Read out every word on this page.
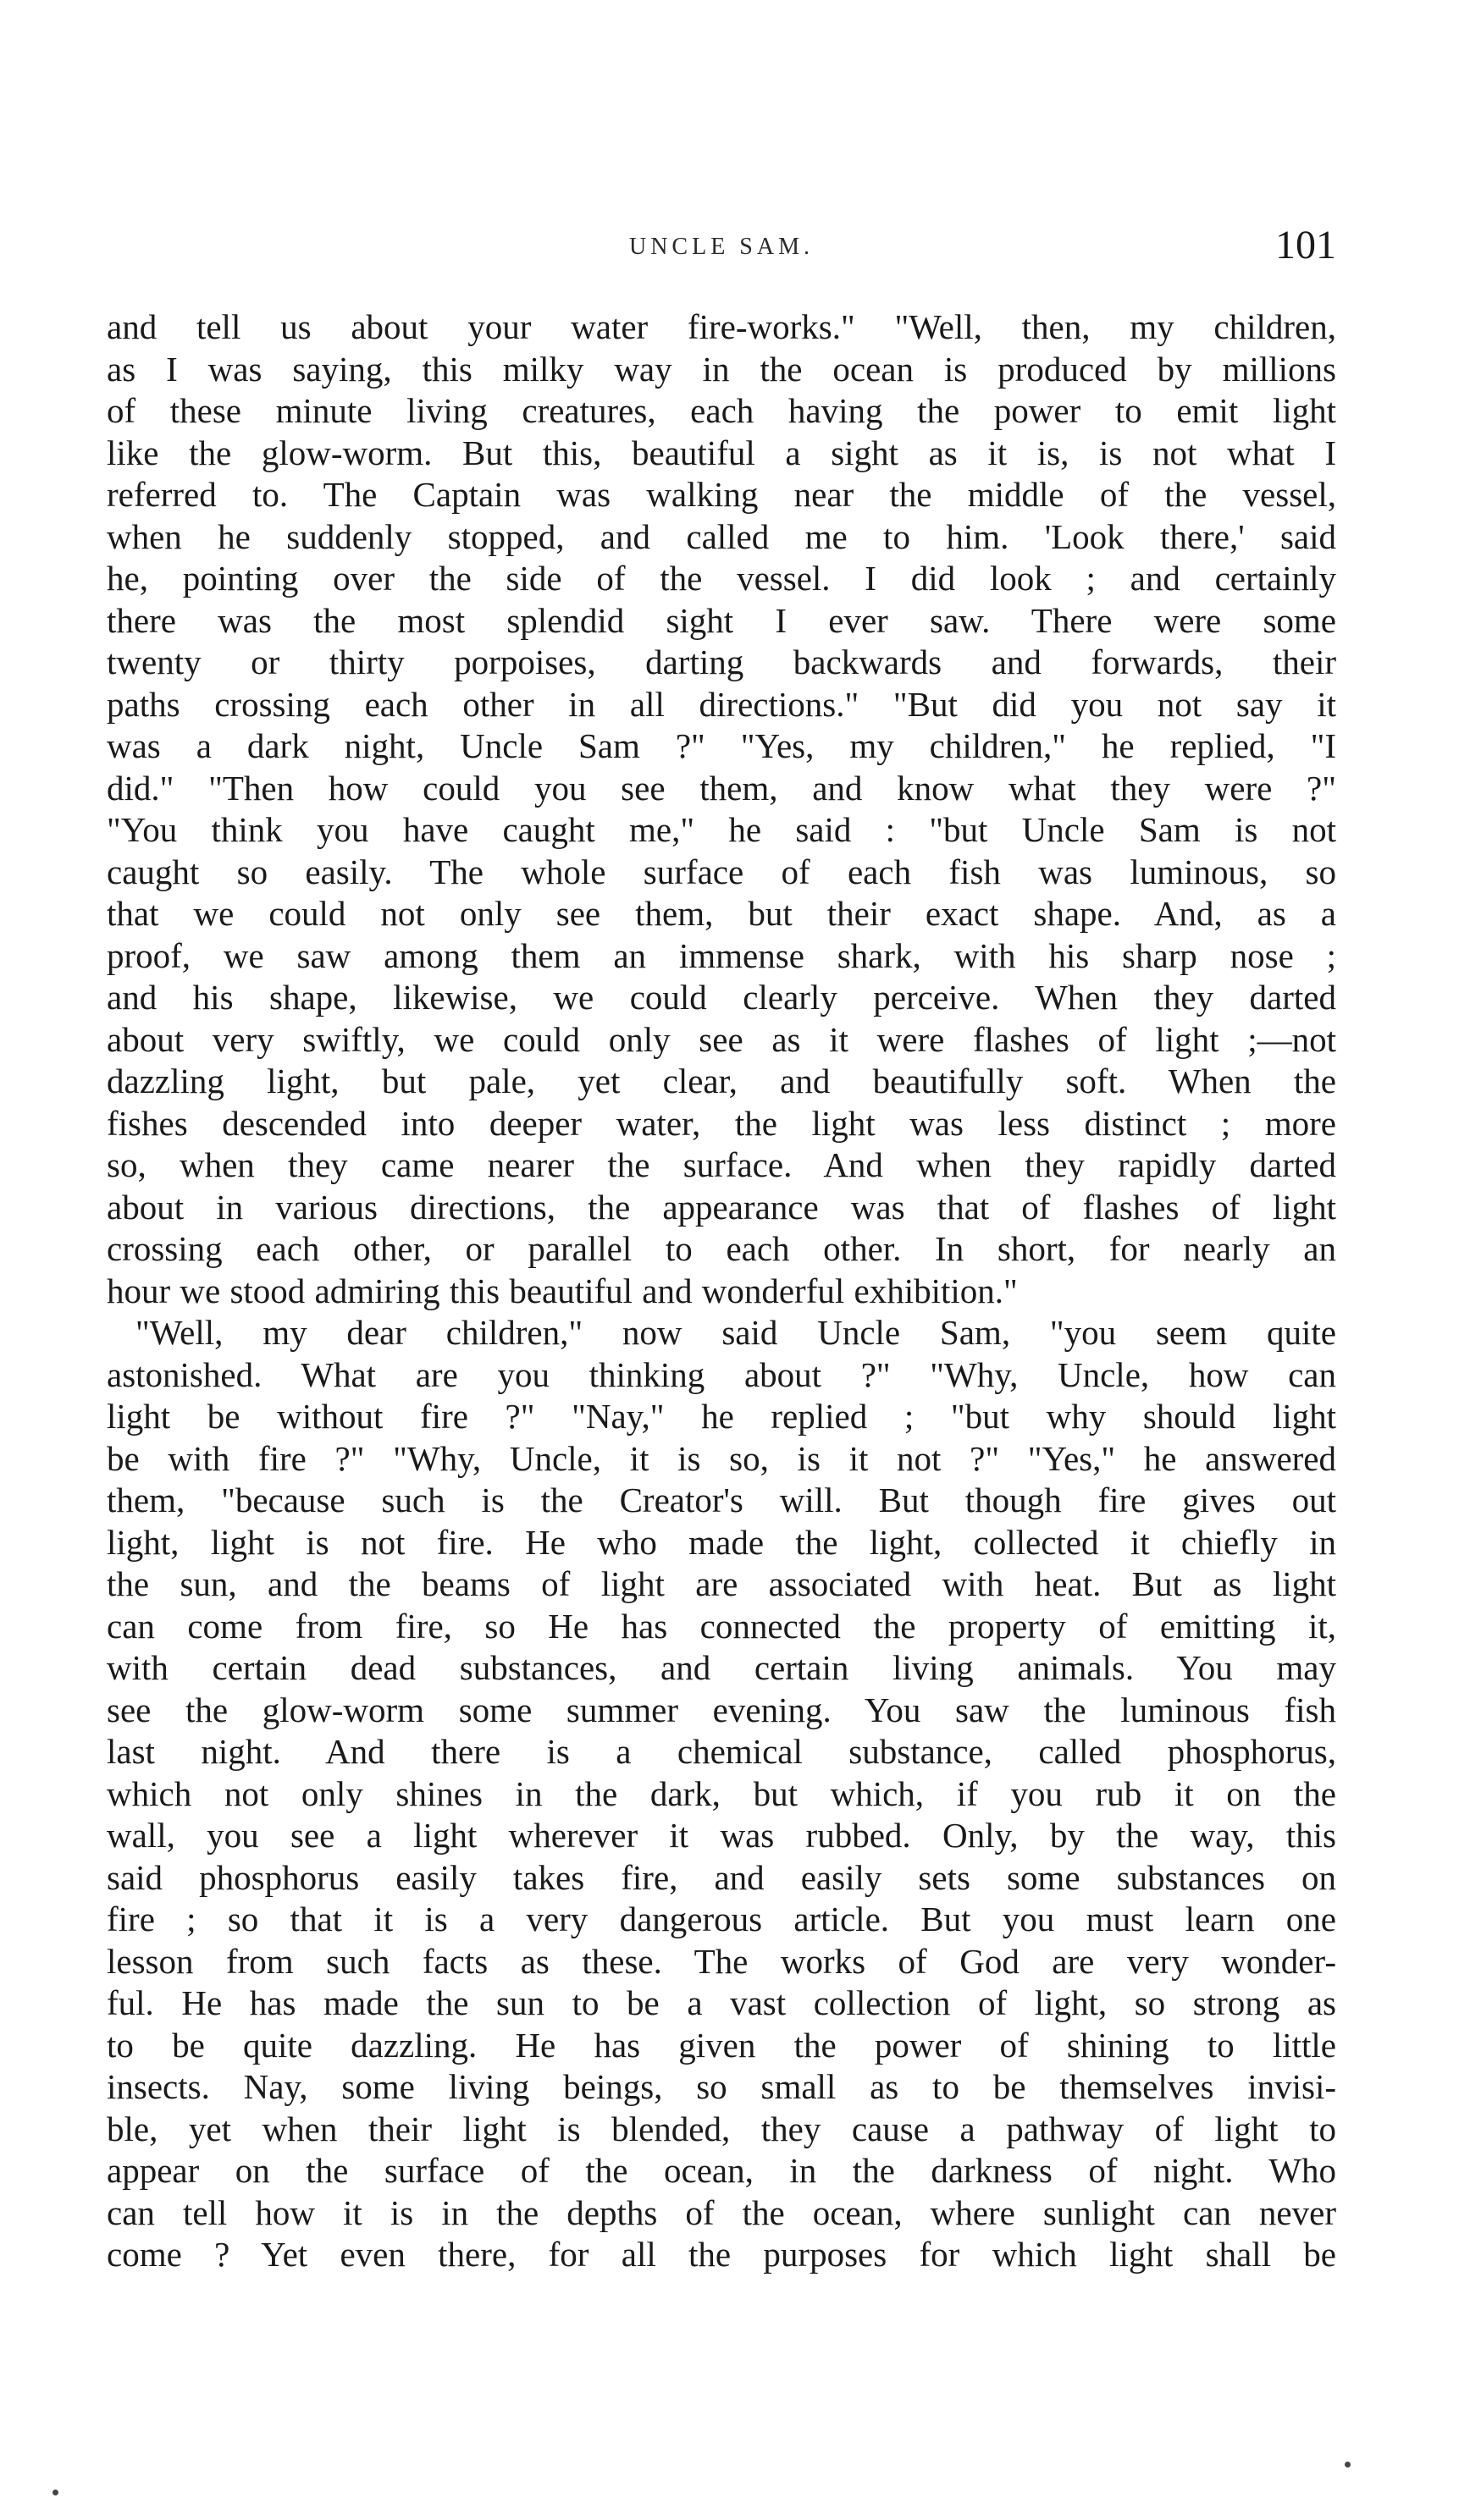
UNCLE SAM.	101
and tell us about your water fire-works." "Well, then, my children,
as I was saying, this milky way in the ocean is produced by millions
of these minute living creatures, each having the power to emit light
like the glow-worm. But this, beautiful a sight as it is, is not what I
referred to. The Captain was walking near the middle of the vessel,
when he suddenly stopped, and called me to him. 'Look there,' said
he, pointing over the side of the vessel. I did look ; and certainly
there was the most splendid sight I ever saw. There were some
twenty or thirty porpoises, darting backwards and forwards, their
paths crossing each other in all directions." "But did you not say it
was a dark night, Uncle Sam ?" "Yes, my children," he replied, "I
did." "Then how could you see them, and know what they were ?"
"You think you have caught me," he said : "but Uncle Sam is not
caught so easily. The whole surface of each fish was luminous, so
that we could not only see them, but their exact shape. And, as a
proof, we saw among them an immense shark, with his sharp nose ;
and his shape, likewise, we could clearly perceive. When they darted
about very swiftly, we could only see as it were flashes of light ;—not
dazzling light, but pale, yet clear, and beautifully soft. When the
fishes descended into deeper water, the light was less distinct ; more
so, when they came nearer the surface. And when they rapidly darted
about in various directions, the appearance was that of flashes of light
crossing each other, or parallel to each other. In short, for nearly an
hour we stood admiring this beautiful and wonderful exhibition."
"Well, my dear children," now said Uncle Sam, "you seem quite
astonished. What are you thinking about ?" "Why, Uncle, how can
light be without fire ?" "Nay," he replied ; "but why should light
be with fire ?" "Why, Uncle, it is so, is it not ?" "Yes," he answered
them, "because such is the Creator's will. But though fire gives out
light, light is not fire. He who made the light, collected it chiefly in
the sun, and the beams of light are associated with heat. But as light
can come from fire, so He has connected the property of emitting it,
with certain dead substances, and certain living animals. You may
see the glow-worm some summer evening. You saw the luminous fish
last night. And there is a chemical substance, called phosphorus,
which not only shines in the dark, but which, if you rub it on the
wall, you see a light wherever it was rubbed. Only, by the way, this
said phosphorus easily takes fire, and easily sets some substances on
fire ; so that it is a very dangerous article. But you must learn one
lesson from such facts as these. The works of God are very wonder-
ful. He has made the sun to be a vast collection of light, so strong as
to be quite dazzling. He has given the power of shining to little
insects. Nay, some living beings, so small as to be themselves invisi-
ble, yet when their light is blended, they cause a pathway of light to
appear on the surface of the ocean, in the darkness of night. Who
can tell how it is in the depths of the ocean, where sunlight can never
come ? Yet even there, for all the purposes for which light shall be
